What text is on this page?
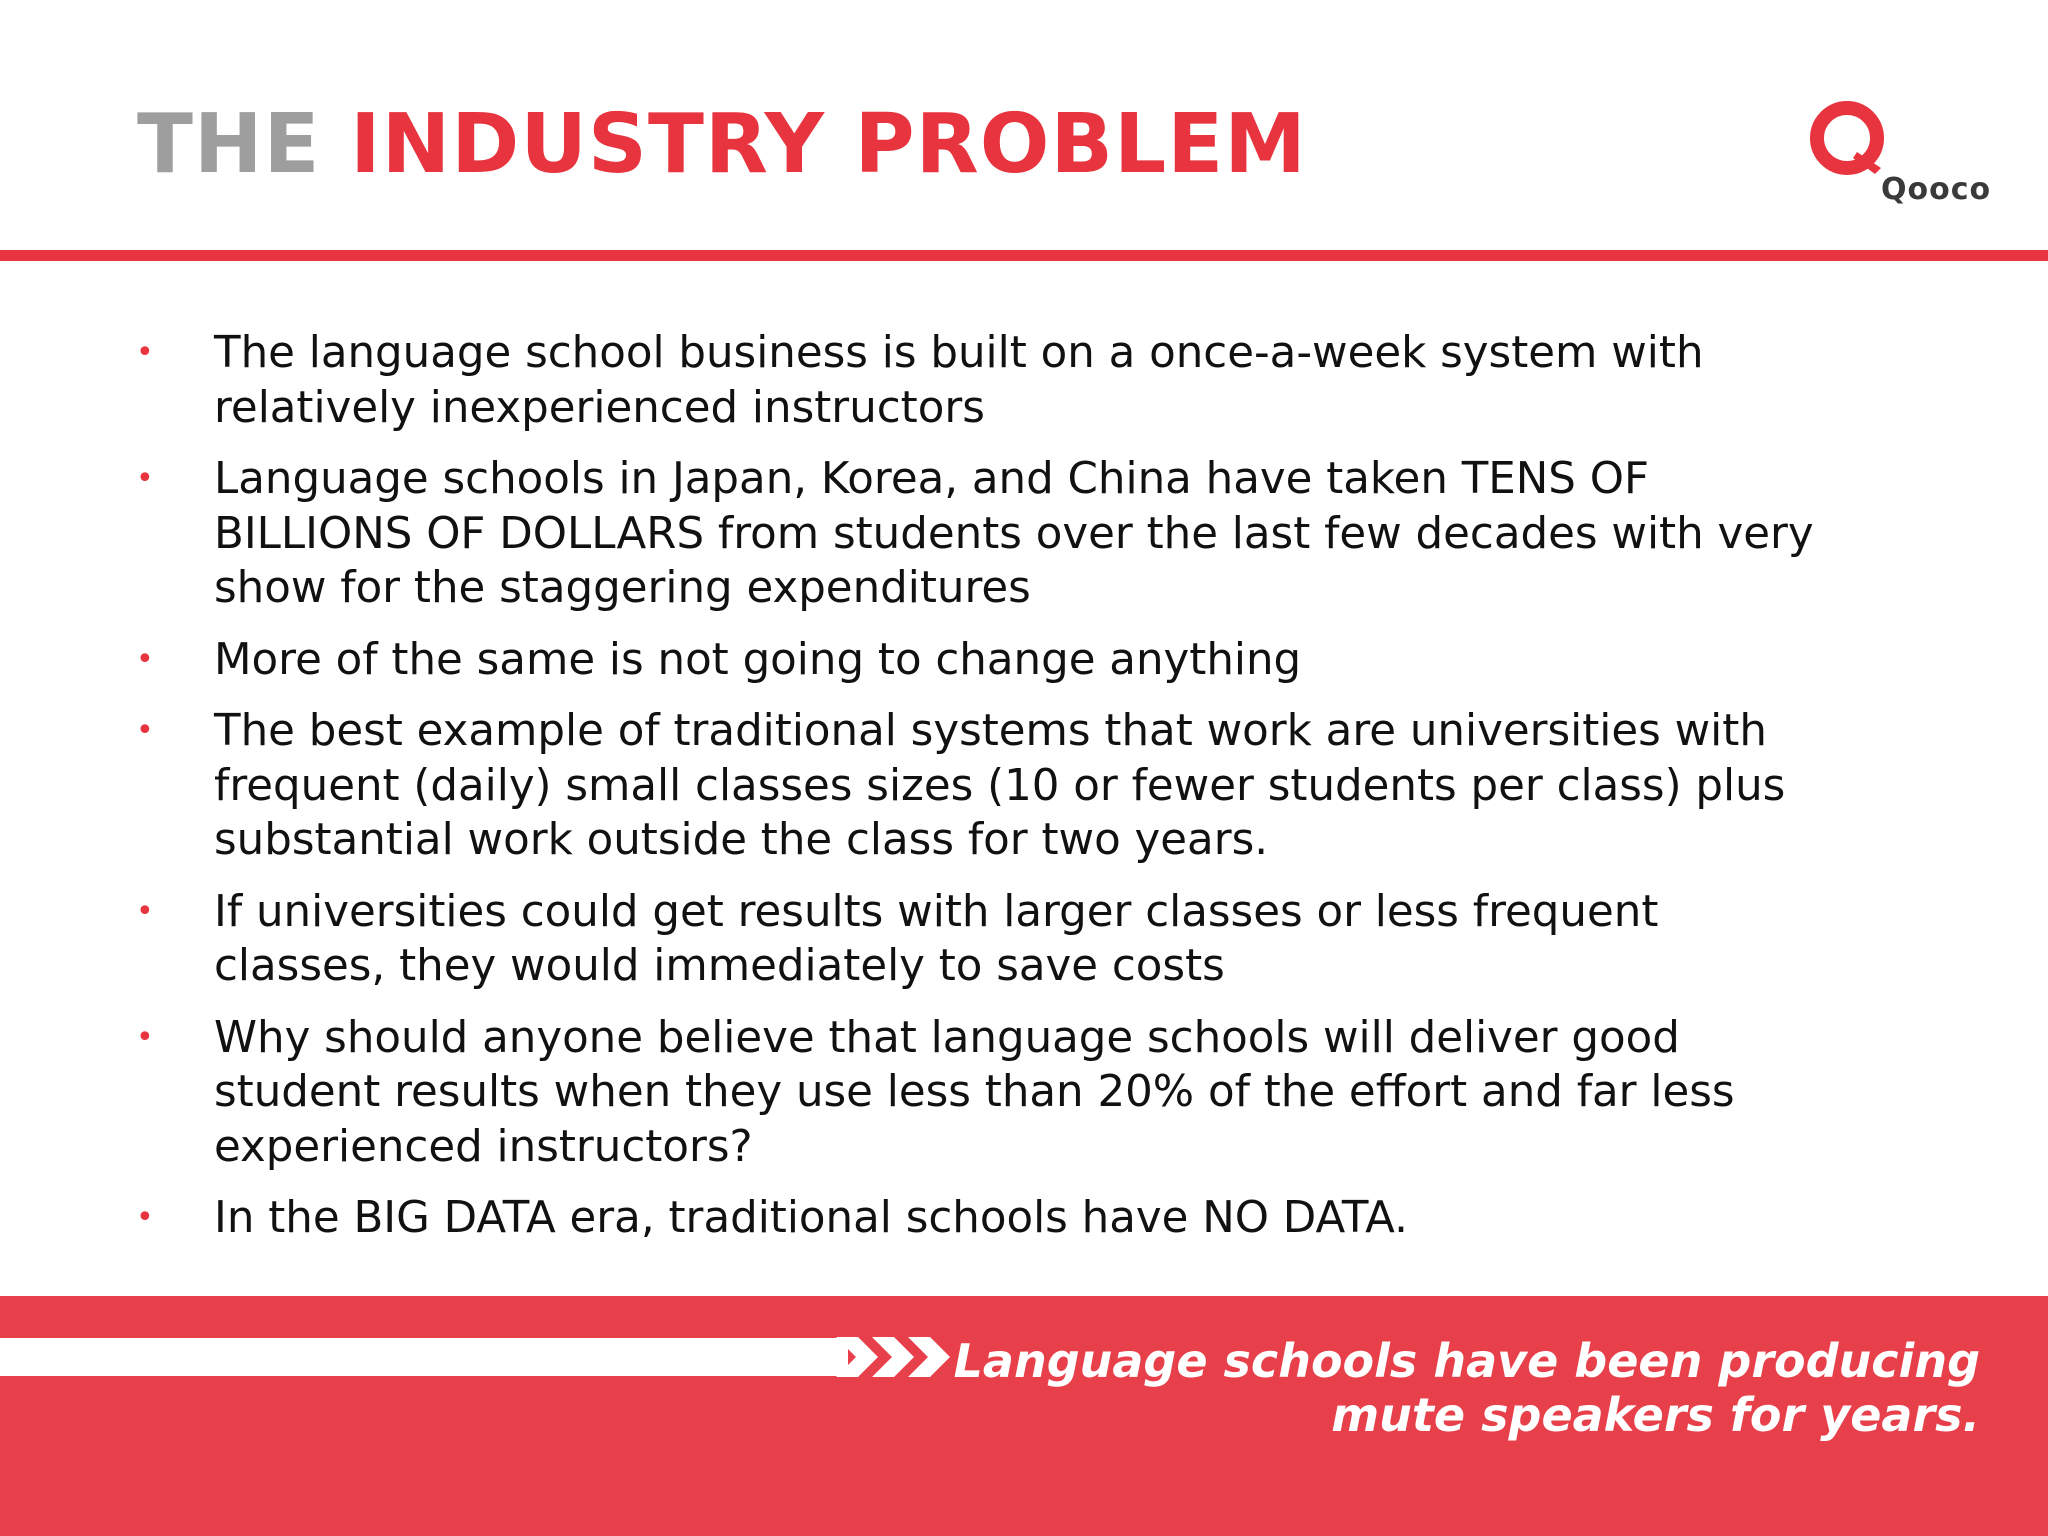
THE INDUSTRY PROBLEM	Qooco
• The language school business is built on a once-a-week system with
relatively inexperienced instructors
• Language schools in Japan, Korea, and China have taken TENS OF
BILLIONS OF DOLLARS from students over the last few decades with very
show for the staggering expenditures
• More of the same is not going to change anything
• The best example of traditional systems that work are universities with
frequent (daily) small classes sizes (10 or fewer students per class) plus
substantial work outside the class for two years.
• If universities could get results with larger classes or less frequent
classes, they would immediately to save costs
• Why should anyone believe that language schools will deliver good
student results when they use less than 20% of the effort and far less
experienced instructors?
• In the BIG DATA era, traditional schools have NO DATA.
Language schools have been producing
mute speakers for years.
